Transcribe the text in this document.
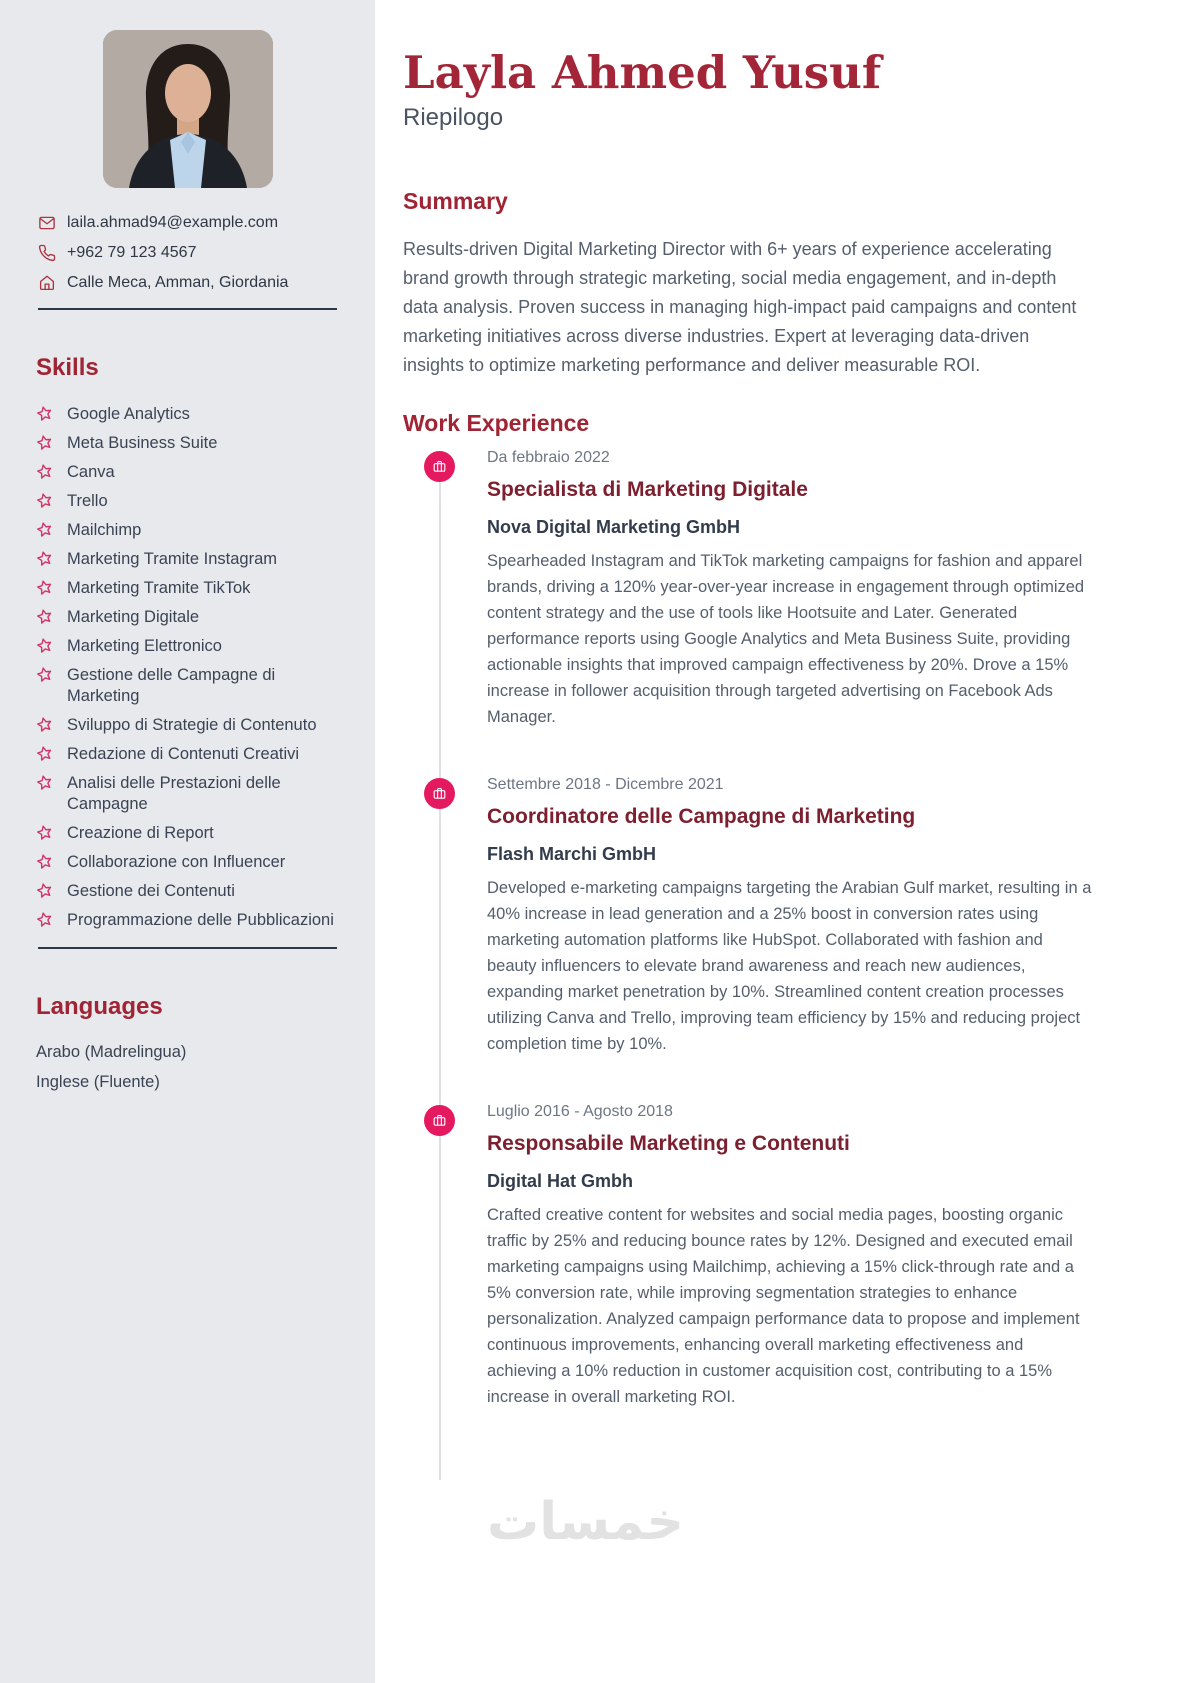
laila.ahmad94@example.com
+962 79 123 4567
Calle Meca, Amman, Giordania
Skills
Google Analytics
Meta Business Suite
Canva
Trello
Mailchimp
Marketing Tramite Instagram
Marketing Tramite TikTok
Marketing Digitale
Marketing Elettronico
Gestione delle Campagne di Marketing
Sviluppo di Strategie di Contenuto
Redazione di Contenuti Creativi
Analisi delle Prestazioni delle Campagne
Creazione di Report
Collaborazione con Influencer
Gestione dei Contenuti
Programmazione delle Pubblicazioni
Languages
Arabo (Madrelingua)
Inglese (Fluente)
Layla Ahmed Yusuf

Riepilogo

Summary

Results-driven Digital Marketing Director with 6+ years of experience accelerating brand growth through strategic marketing, social media engagement, and in-depth data analysis. Proven success in managing high-impact paid campaigns and content marketing initiatives across diverse industries. Expert at leveraging data-driven insights to optimize marketing performance and deliver measurable ROI.

Work Experience
Da febbraio 2022
Specialista di Marketing Digitale
Nova Digital Marketing GmbH

Spearheaded Instagram and TikTok marketing campaigns for fashion and apparel brands, driving a 120% year-over-year increase in engagement through optimized content strategy and the use of tools like Hootsuite and Later. Generated performance reports using Google Analytics and Meta Business Suite, providing actionable insights that improved campaign effectiveness by 20%. Drove a 15% increase in follower acquisition through targeted advertising on Facebook Ads Manager.

Settembre 2018 - Dicembre 2021
Coordinatore delle Campagne di Marketing
Flash Marchi GmbH

Developed e-marketing campaigns targeting the Arabian Gulf market, resulting in a 40% increase in lead generation and a 25% boost in conversion rates using marketing automation platforms like HubSpot. Collaborated with fashion and beauty influencers to elevate brand awareness and reach new audiences, expanding market penetration by 10%. Streamlined content creation processes utilizing Canva and Trello, improving team efficiency by 15% and reducing project completion time by 10%.

Luglio 2016 - Agosto 2018
Responsabile Marketing e Contenuti
Digital Hat Gmbh

Crafted creative content for websites and social media pages, boosting organic traffic by 25% and reducing bounce rates by 12%. Designed and executed email marketing campaigns using Mailchimp, achieving a 15% click-through rate and a 5% conversion rate, while improving segmentation strategies to enhance personalization. Analyzed campaign performance data to propose and implement continuous improvements, enhancing overall marketing effectiveness and achieving a 10% reduction in customer acquisition cost, contributing to a 15% increase in overall marketing ROI.

خمسات
